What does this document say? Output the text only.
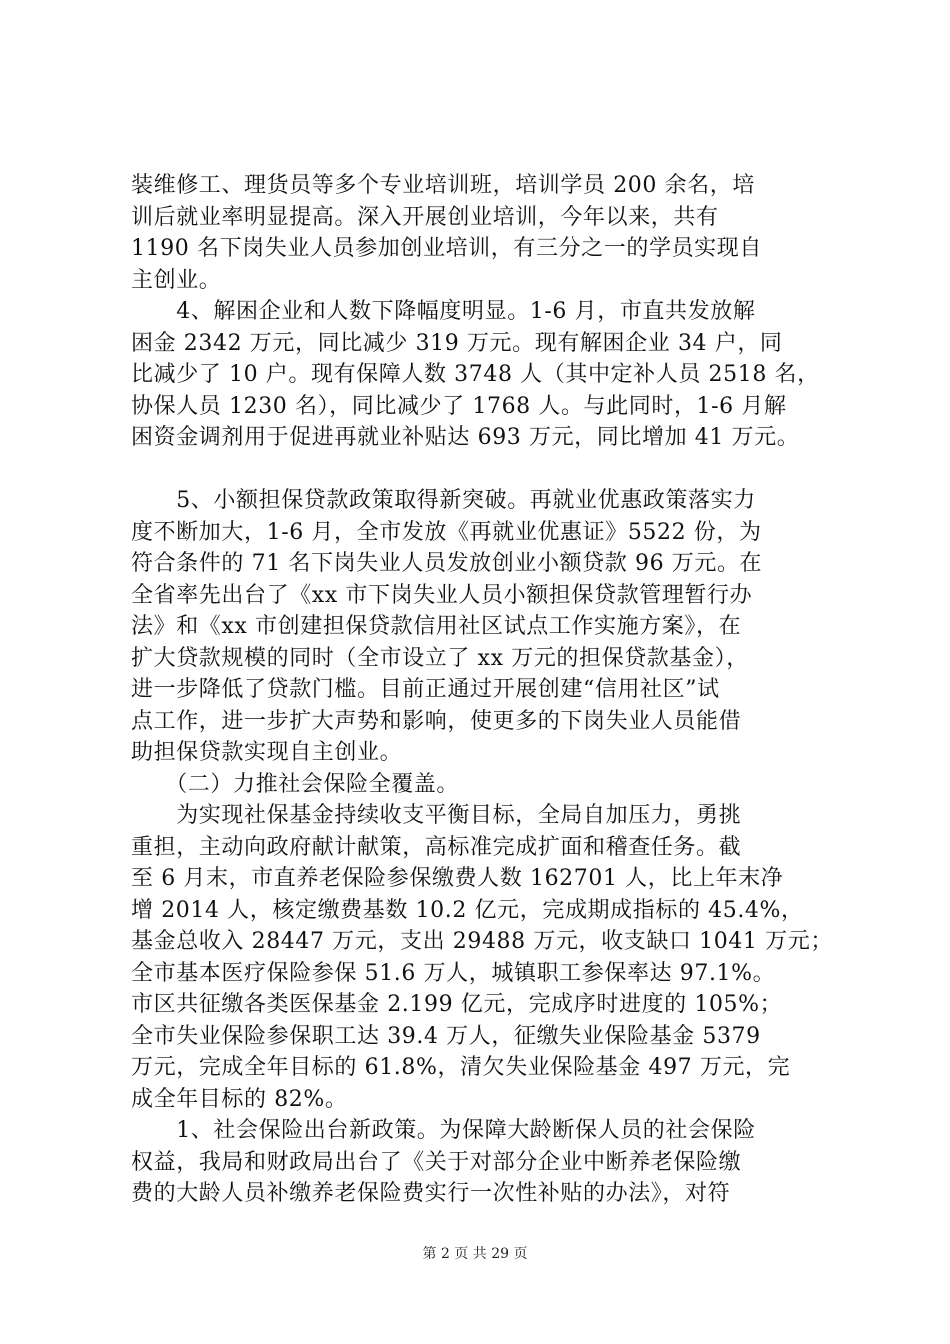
装维修工、理货员等多个专业培训班，培训学员 200 余名，培
训后就业率明显提高。深入开展创业培训，今年以来，共有
1190 名下岗失业人员参加创业培训，有三分之一的学员实现自
主创业。
　　4、解困企业和人数下降幅度明显。1-6 月，市直共发放解
困金 2342 万元，同比减少 319 万元。现有解困企业 34 户，同
比减少了 10 户。现有保障人数 3748 人（其中定补人员 2518 名，
协保人员 1230 名），同比减少了 1768 人。与此同时，1-6 月解
困资金调剂用于促进再就业补贴达 693 万元，同比增加 41 万元。
　　5、小额担保贷款政策取得新突破。再就业优惠政策落实力
度不断加大，1-6 月，全市发放《再就业优惠证》5522 份，为
符合条件的 71 名下岗失业人员发放创业小额贷款 96 万元。在
全省率先出台了《xx 市下岗失业人员小额担保贷款管理暂行办
法》和《xx 市创建担保贷款信用社区试点工作实施方案》，在
扩大贷款规模的同时（全市设立了 xx 万元的担保贷款基金），
进一步降低了贷款门槛。目前正通过开展创建“信用社区”试
点工作，进一步扩大声势和影响，使更多的下岗失业人员能借
助担保贷款实现自主创业。
　　（二）力推社会保险全覆盖。
　　为实现社保基金持续收支平衡目标，全局自加压力，勇挑
重担，主动向政府献计献策，高标准完成扩面和稽查任务。截
至 6 月末，市直养老保险参保缴费人数 162701 人，比上年末净
增 2014 人，核定缴费基数 10.2 亿元，完成期成指标的 45.4%，
基金总收入 28447 万元，支出 29488 万元，收支缺口 1041 万元；
全市基本医疗保险参保 51.6 万人，城镇职工参保率达 97.1%。
市区共征缴各类医保基金 2.199 亿元，完成序时进度的 105%；
全市失业保险参保职工达 39.4 万人，征缴失业保险基金 5379
万元，完成全年目标的 61.8%，清欠失业保险基金 497 万元，完
成全年目标的 82%。
　　1、社会保险出台新政策。为保障大龄断保人员的社会保险
权益，我局和财政局出台了《关于对部分企业中断养老保险缴
费的大龄人员补缴养老保险费实行一次性补贴的办法》，对符
第 2 页 共 29 页
